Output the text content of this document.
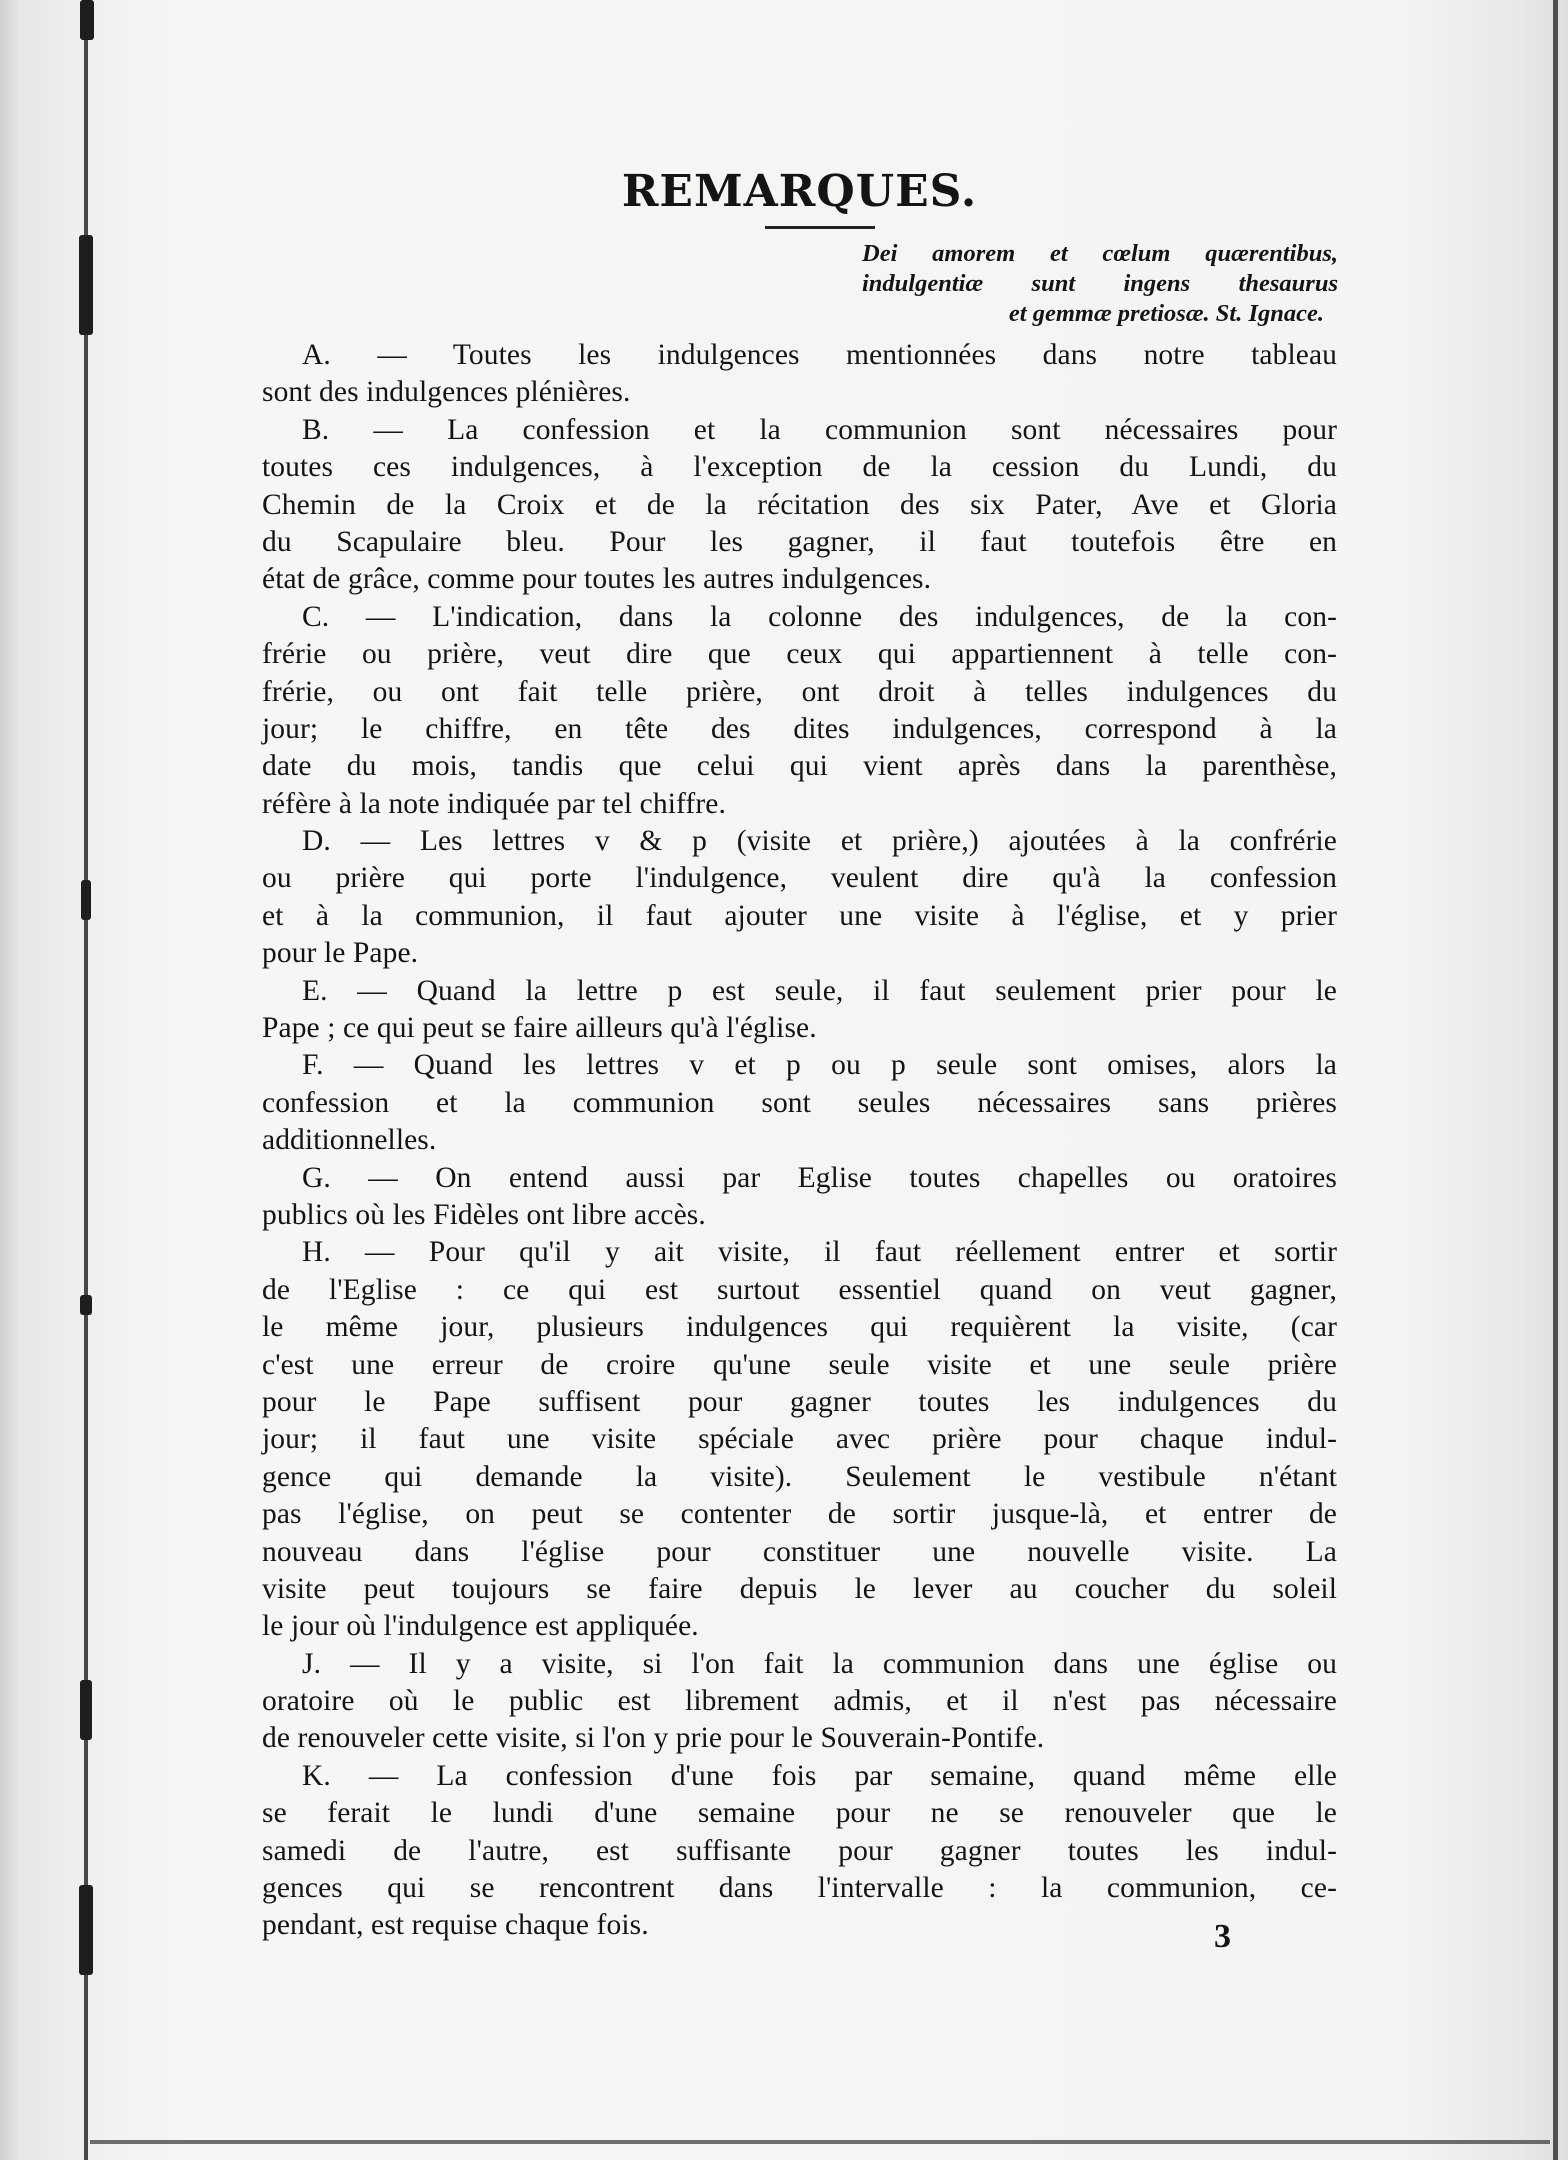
REMARQUES.
Dei amorem et cœlum quærentibus,
indulgentiæ sunt ingens thesaurus
et gemmæ pretiosæ. St. Ignace.
A. — Toutes les indulgences mentionnées dans notre tableau
sont des indulgences plénières.
B. — La confession et la communion sont nécessaires pour
toutes ces indulgences, à l'exception de la cession du Lundi, du
Chemin de la Croix et de la récitation des six Pater, Ave et Gloria
du Scapulaire bleu. Pour les gagner, il faut toutefois être en
état de grâce, comme pour toutes les autres indulgences.
C. — L'indication, dans la colonne des indulgences, de la con-
frérie ou prière, veut dire que ceux qui appartiennent à telle con-
frérie, ou ont fait telle prière, ont droit à telles indulgences du
jour; le chiffre, en tête des dites indulgences, correspond à la
date du mois, tandis que celui qui vient après dans la parenthèse,
réfère à la note indiquée par tel chiffre.
D. — Les lettres v & p (visite et prière,) ajoutées à la confrérie
ou prière qui porte l'indulgence, veulent dire qu'à la confession
et à la communion, il faut ajouter une visite à l'église, et y prier
pour le Pape.
E. — Quand la lettre p est seule, il faut seulement prier pour le
Pape ; ce qui peut se faire ailleurs qu'à l'église.
F. — Quand les lettres v et p ou p seule sont omises, alors la
confession et la communion sont seules nécessaires sans prières
additionnelles.
G. — On entend aussi par Eglise toutes chapelles ou oratoires
publics où les Fidèles ont libre accès.
H. — Pour qu'il y ait visite, il faut réellement entrer et sortir
de l'Eglise : ce qui est surtout essentiel quand on veut gagner,
le même jour, plusieurs indulgences qui requièrent la visite, (car
c'est une erreur de croire qu'une seule visite et une seule prière
pour le Pape suffisent pour gagner toutes les indulgences du
jour; il faut une visite spéciale avec prière pour chaque indul-
gence qui demande la visite). Seulement le vestibule n'étant
pas l'église, on peut se contenter de sortir jusque-là, et entrer de
nouveau dans l'église pour constituer une nouvelle visite. La
visite peut toujours se faire depuis le lever au coucher du soleil
le jour où l'indulgence est appliquée.
J. — Il y a visite, si l'on fait la communion dans une église ou
oratoire où le public est librement admis, et il n'est pas nécessaire
de renouveler cette visite, si l'on y prie pour le Souverain-Pontife.
K. — La confession d'une fois par semaine, quand même elle
se ferait le lundi d'une semaine pour ne se renouveler que le
samedi de l'autre, est suffisante pour gagner toutes les indul-
gences qui se rencontrent dans l'intervalle : la communion, ce-
pendant, est requise chaque fois.	3
